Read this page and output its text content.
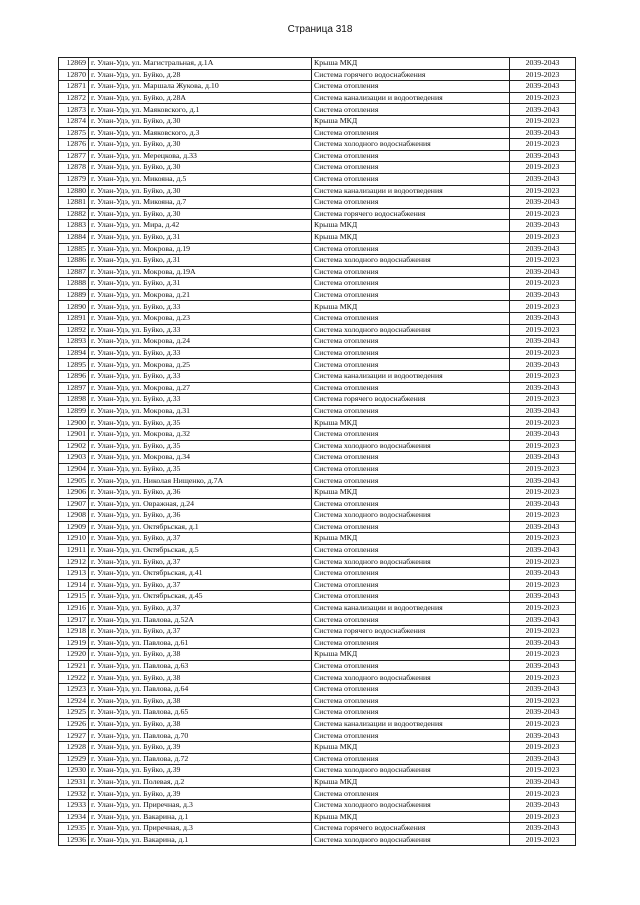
Страница 318
12869	г. Улан-Удэ, ул. Магистральная, д.1А	Крыша МКД	2039-2043
12870	г. Улан-Удэ, ул. Буйко, д.28	Система горячего водоснабжения	2019-2023
12871	г. Улан-Удэ, ул. Маршала Жукова, д.10	Система отопления	2039-2043
12872	г. Улан-Удэ, ул. Буйко, д.28А	Система канализации и водоотведения	2019-2023
12873	г. Улан-Удэ, ул. Маяковского, д.1	Система отопления	2039-2043
12874	г. Улан-Удэ, ул. Буйко, д.30	Крыша МКД	2019-2023
12875	г. Улан-Удэ, ул. Маяковского, д.3	Система отопления	2039-2043
12876	г. Улан-Удэ, ул. Буйко, д.30	Система холодного водоснабжения	2019-2023
12877	г. Улан-Удэ, ул. Мерецкова, д.33	Система отопления	2039-2043
12878	г. Улан-Удэ, ул. Буйко, д.30	Система отопления	2019-2023
12879	г. Улан-Удэ, ул. Микояна, д.5	Система отопления	2039-2043
12880	г. Улан-Удэ, ул. Буйко, д.30	Система канализации и водоотведения	2019-2023
12881	г. Улан-Удэ, ул. Микояна, д.7	Система отопления	2039-2043
12882	г. Улан-Удэ, ул. Буйко, д.30	Система горячего водоснабжения	2019-2023
12883	г. Улан-Удэ, ул. Мира, д.42	Крыша МКД	2039-2043
12884	г. Улан-Удэ, ул. Буйко, д.31	Крыша МКД	2019-2023
12885	г. Улан-Удэ, ул. Мокрова, д.19	Система отопления	2039-2043
12886	г. Улан-Удэ, ул. Буйко, д.31	Система холодного водоснабжения	2019-2023
12887	г. Улан-Удэ, ул. Мокрова, д.19А	Система отопления	2039-2043
12888	г. Улан-Удэ, ул. Буйко, д.31	Система отопления	2019-2023
12889	г. Улан-Удэ, ул. Мокрова, д.21	Система отопления	2039-2043
12890	г. Улан-Удэ, ул. Буйко, д.33	Крыша МКД	2019-2023
12891	г. Улан-Удэ, ул. Мокрова, д.23	Система отопления	2039-2043
12892	г. Улан-Удэ, ул. Буйко, д.33	Система холодного водоснабжения	2019-2023
12893	г. Улан-Удэ, ул. Мокрова, д.24	Система отопления	2039-2043
12894	г. Улан-Удэ, ул. Буйко, д.33	Система отопления	2019-2023
12895	г. Улан-Удэ, ул. Мокрова, д.25	Система отопления	2039-2043
12896	г. Улан-Удэ, ул. Буйко, д.33	Система канализации и водоотведения	2019-2023
12897	г. Улан-Удэ, ул. Мокрова, д.27	Система отопления	2039-2043
12898	г. Улан-Удэ, ул. Буйко, д.33	Система горячего водоснабжения	2019-2023
12899	г. Улан-Удэ, ул. Мокрова, д.31	Система отопления	2039-2043
12900	г. Улан-Удэ, ул. Буйко, д.35	Крыша МКД	2019-2023
12901	г. Улан-Удэ, ул. Мокрова, д.32	Система отопления	2039-2043
12902	г. Улан-Удэ, ул. Буйко, д.35	Система холодного водоснабжения	2019-2023
12903	г. Улан-Удэ, ул. Мокрова, д.34	Система отопления	2039-2043
12904	г. Улан-Удэ, ул. Буйко, д.35	Система отопления	2019-2023
12905	г. Улан-Удэ, ул. Николая Нищенко, д.7А	Система отопления	2039-2043
12906	г. Улан-Удэ, ул. Буйко, д.36	Крыша МКД	2019-2023
12907	г. Улан-Удэ, ул. Овражная, д.24	Система отопления	2039-2043
12908	г. Улан-Удэ, ул. Буйко, д.36	Система холодного водоснабжения	2019-2023
12909	г. Улан-Удэ, ул. Октябрьская, д.1	Система отопления	2039-2043
12910	г. Улан-Удэ, ул. Буйко, д.37	Крыша МКД	2019-2023
12911	г. Улан-Удэ, ул. Октябрьская, д.5	Система отопления	2039-2043
12912	г. Улан-Удэ, ул. Буйко, д.37	Система холодного водоснабжения	2019-2023
12913	г. Улан-Удэ, ул. Октябрьская, д.41	Система отопления	2039-2043
12914	г. Улан-Удэ, ул. Буйко, д.37	Система отопления	2019-2023
12915	г. Улан-Удэ, ул. Октябрьская, д.45	Система отопления	2039-2043
12916	г. Улан-Удэ, ул. Буйко, д.37	Система канализации и водоотведения	2019-2023
12917	г. Улан-Удэ, ул. Павлова, д.52А	Система отопления	2039-2043
12918	г. Улан-Удэ, ул. Буйко, д.37	Система горячего водоснабжения	2019-2023
12919	г. Улан-Удэ, ул. Павлова, д.61	Система отопления	2039-2043
12920	г. Улан-Удэ, ул. Буйко, д.38	Крыша МКД	2019-2023
12921	г. Улан-Удэ, ул. Павлова, д.63	Система отопления	2039-2043
12922	г. Улан-Удэ, ул. Буйко, д.38	Система холодного водоснабжения	2019-2023
12923	г. Улан-Удэ, ул. Павлова, д.64	Система отопления	2039-2043
12924	г. Улан-Удэ, ул. Буйко, д.38	Система отопления	2019-2023
12925	г. Улан-Удэ, ул. Павлова, д.65	Система отопления	2039-2043
12926	г. Улан-Удэ, ул. Буйко, д.38	Система канализации и водоотведения	2019-2023
12927	г. Улан-Удэ, ул. Павлова, д.70	Система отопления	2039-2043
12928	г. Улан-Удэ, ул. Буйко, д.39	Крыша МКД	2019-2023
12929	г. Улан-Удэ, ул. Павлова, д.72	Система отопления	2039-2043
12930	г. Улан-Удэ, ул. Буйко, д.39	Система холодного водоснабжения	2019-2023
12931	г. Улан-Удэ, ул. Полевая, д.2	Крыша МКД	2039-2043
12932	г. Улан-Удэ, ул. Буйко, д.39	Система отопления	2019-2023
12933	г. Улан-Удэ, ул. Приречная, д.3	Система холодного водоснабжения	2039-2043
12934	г. Улан-Удэ, ул. Вакарина, д.1	Крыша МКД	2019-2023
12935	г. Улан-Удэ, ул. Приречная, д.3	Система горячего водоснабжения	2039-2043
12936	г. Улан-Удэ, ул. Вакарина, д.1	Система холодного водоснабжения	2019-2023
